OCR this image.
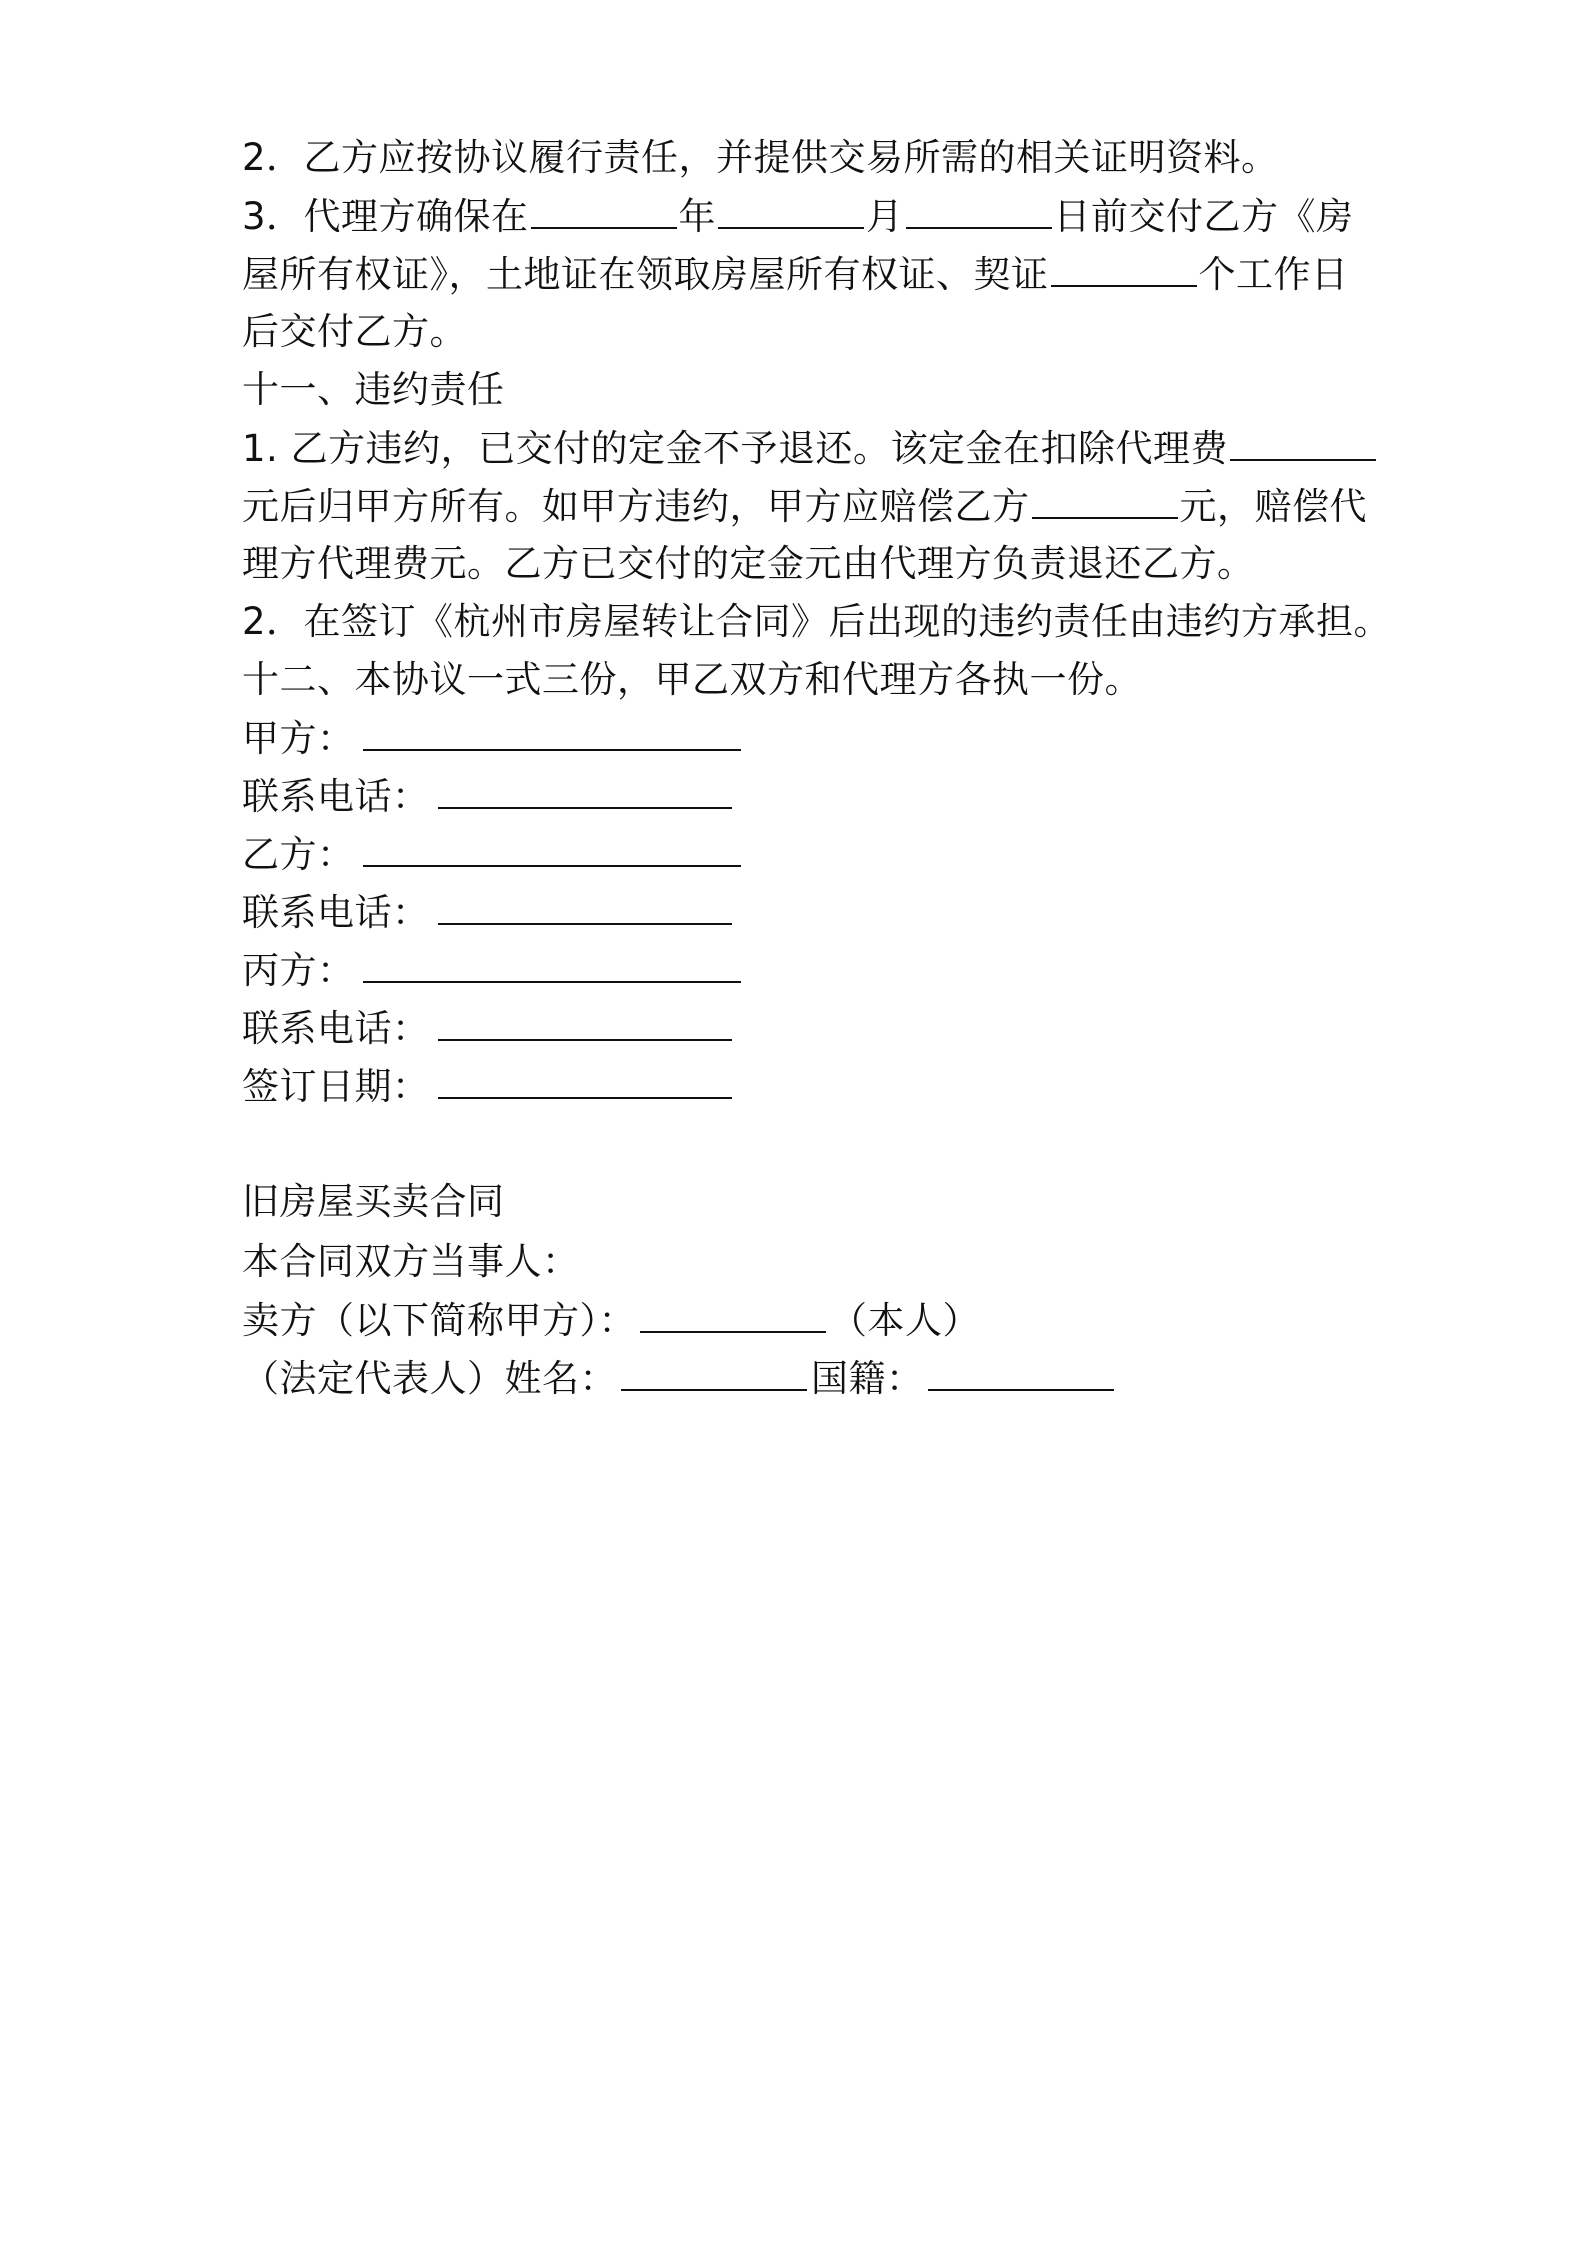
2．乙方应按协议履行责任，并提供交易所需的相关证明资料。

3．代理方确保在	年	月	日前交付乙方《房

屋所有权证》，土地证在领取房屋所有权证、契证	个工作日

后交付乙方。

十一、违约责任

1. 乙方违约，已交付的定金不予退还。该定金在扣除代理费

元后归甲方所有。如甲方违约，甲方应赔偿乙方	元，赔偿代

理方代理费元。乙方已交付的定金元由代理方负责退还乙方。

2．在签订《杭州市房屋转让合同》后出现的违约责任由违约方承担。

十二、本协议一式三份，甲乙双方和代理方各执一份。

甲方：

联系电话：

乙方：

联系电话：

丙方：

联系电话：

签订日期：

旧房屋买卖合同

本合同双方当事人：

卖方（以下简称甲方）：	（本人）

（法定代表人）姓名：	国籍：
